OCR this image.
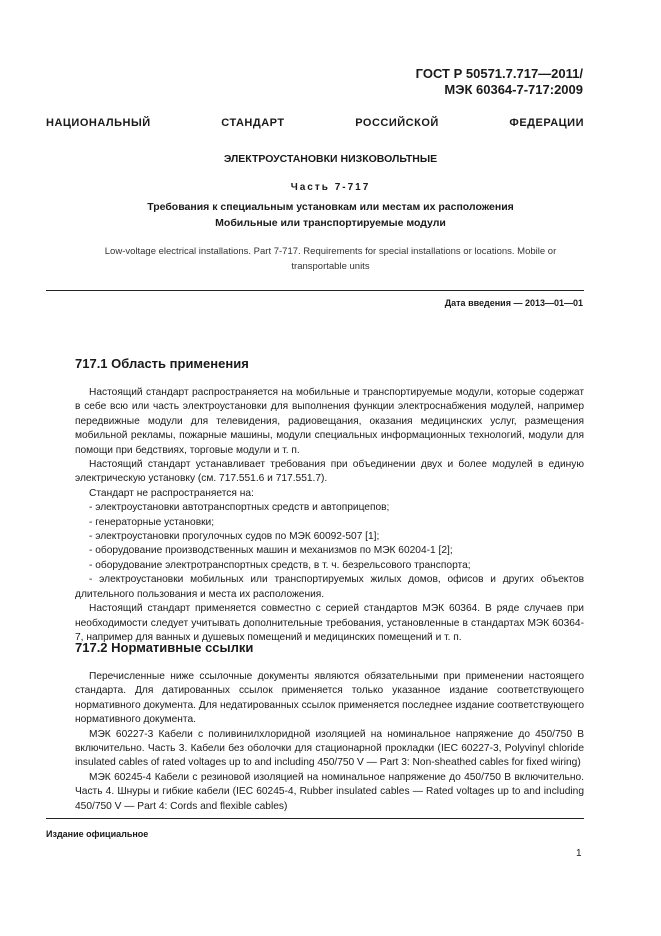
ГОСТ Р 50571.7.717—2011/
МЭК 60364-7-717:2009
НАЦИОНАЛЬНЫЙ СТАНДАРТ РОССИЙСКОЙ ФЕДЕРАЦИИ
ЭЛЕКТРОУСТАНОВКИ НИЗКОВОЛЬТНЫЕ
Часть 7-717
Требования к специальным установкам или местам их расположения
Мобильные или транспортируемые модули
Low-voltage electrical installations. Part 7-717. Requirements for special installations or locations. Mobile or
transportable units
Дата введения — 2013—01—01
717.1 Область применения

Настоящий стандарт распространяется на мобильные и транспортируемые модули, которые содержат в себе всю или часть электроустановки для выполнения функции электроснабжения модулей, например передвижные модули для телевидения, радиовещания, оказания медицинских услуг, размещения мобильной рекламы, пожарные машины, модули специальных информационных технологий, модули для помощи при бедствиях, торговые модули и т. п.

Настоящий стандарт устанавливает требования при объединении двух и более модулей в единую электрическую установку (см. 717.551.6 и 717.551.7).

Стандарт не распространяется на:

- электроустановки автотранспортных средств и автоприцепов;

- генераторные установки;

- электроустановки прогулочных судов по МЭК 60092-507 [1];

- оборудование производственных машин и механизмов по МЭК 60204-1 [2];

- оборудование электротранспортных средств, в т. ч. безрельсового транспорта;

- электроустановки мобильных или транспортируемых жилых домов, офисов и других объектов длительного пользования и места их расположения.

Настоящий стандарт применяется совместно с серией стандартов МЭК 60364. В ряде случаев при необходимости следует учитывать дополнительные требования, установленные в стандартах МЭК 60364-7, например для ванных и душевых помещений и медицинских помещений и т. п.

717.2 Нормативные ссылки

Перечисленные ниже ссылочные документы являются обязательными при применении настоящего стандарта. Для датированных ссылок применяется только указанное издание соответствующего нормативного документа. Для недатированных ссылок применяется последнее издание соответствующего нормативного документа.

МЭК 60227-3 Кабели с поливинилхлоридной изоляцией на номинальное напряжение до 450/750 В включительно. Часть 3. Кабели без оболочки для стационарной прокладки (IEC 60227-3, Polyvinyl chloride insulated cables of rated voltages up to and including 450/750 V — Part 3: Non-sheathed cables for fixed wiring)

МЭК 60245-4 Кабели с резиновой изоляцией на номинальное напряжение до 450/750 В включительно. Часть 4. Шнуры и гибкие кабели (IEC 60245-4, Rubber insulated cables — Rated voltages up to and including 450/750 V — Part 4: Cords and flexible cables)

Издание официальное
1
